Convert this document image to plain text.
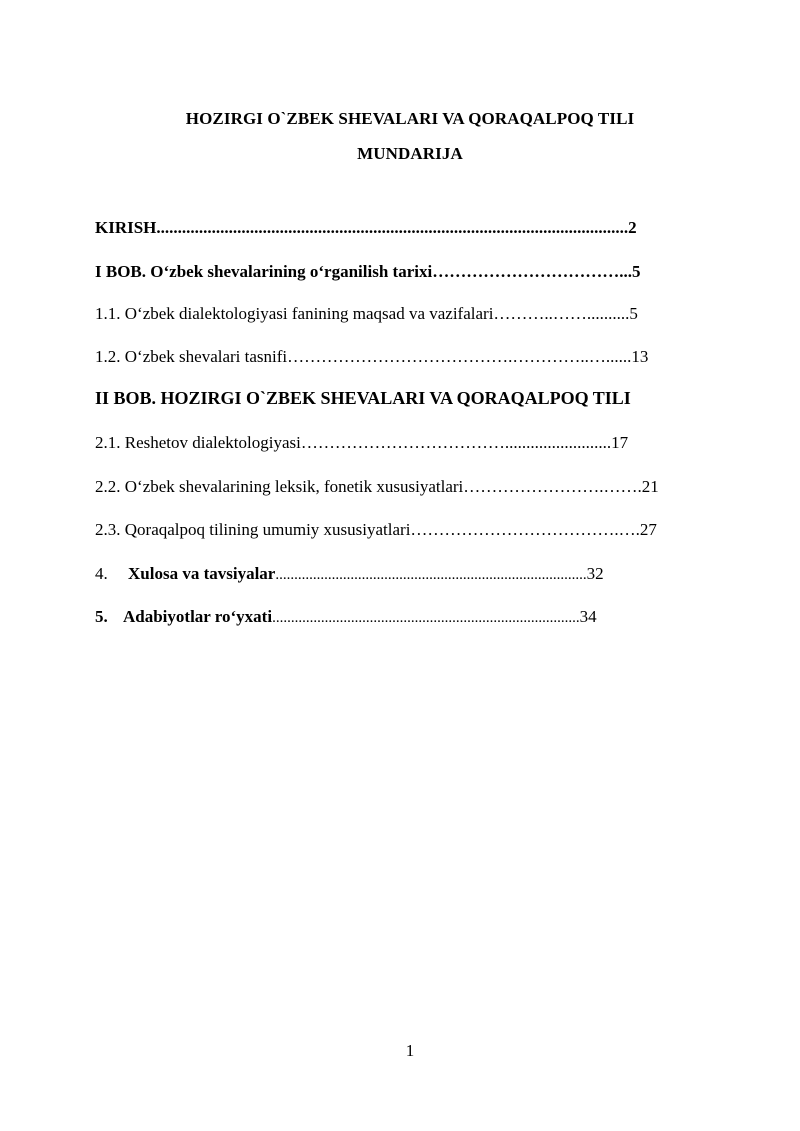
HOZIRGI O`ZBEK SHEVALARI VA QORAQALPOQ TILI
MUNDARIJA
KIRISH...............................................................................................................2
I BOB. O‘zbek shevalarining o‘rganilish tarixi……………………………...5
1.1. O‘zbek dialektologiyasi fanining maqsad va vazifalari………..……..........5
1.2. O‘zbek shevalari tasnifi………………………………….…………..…......13
2.1. Reshetov dialektologiyasi……………………………….........................17
2.2. O‘zbek shevalarining leksik, fonetik xususiyatlari…………………….…….21
2.3. Qoraqalpoq tilining umumiy xususiyatlari……………………………….….27
4. Xulosa va tavsiyalar...................................................................................32
5. Adabiyotlar ro‘yxati..................................................................................34
II BOB. HOZIRGI O`ZBEK SHEVALARI VA QORAQALPOQ TILI
1
